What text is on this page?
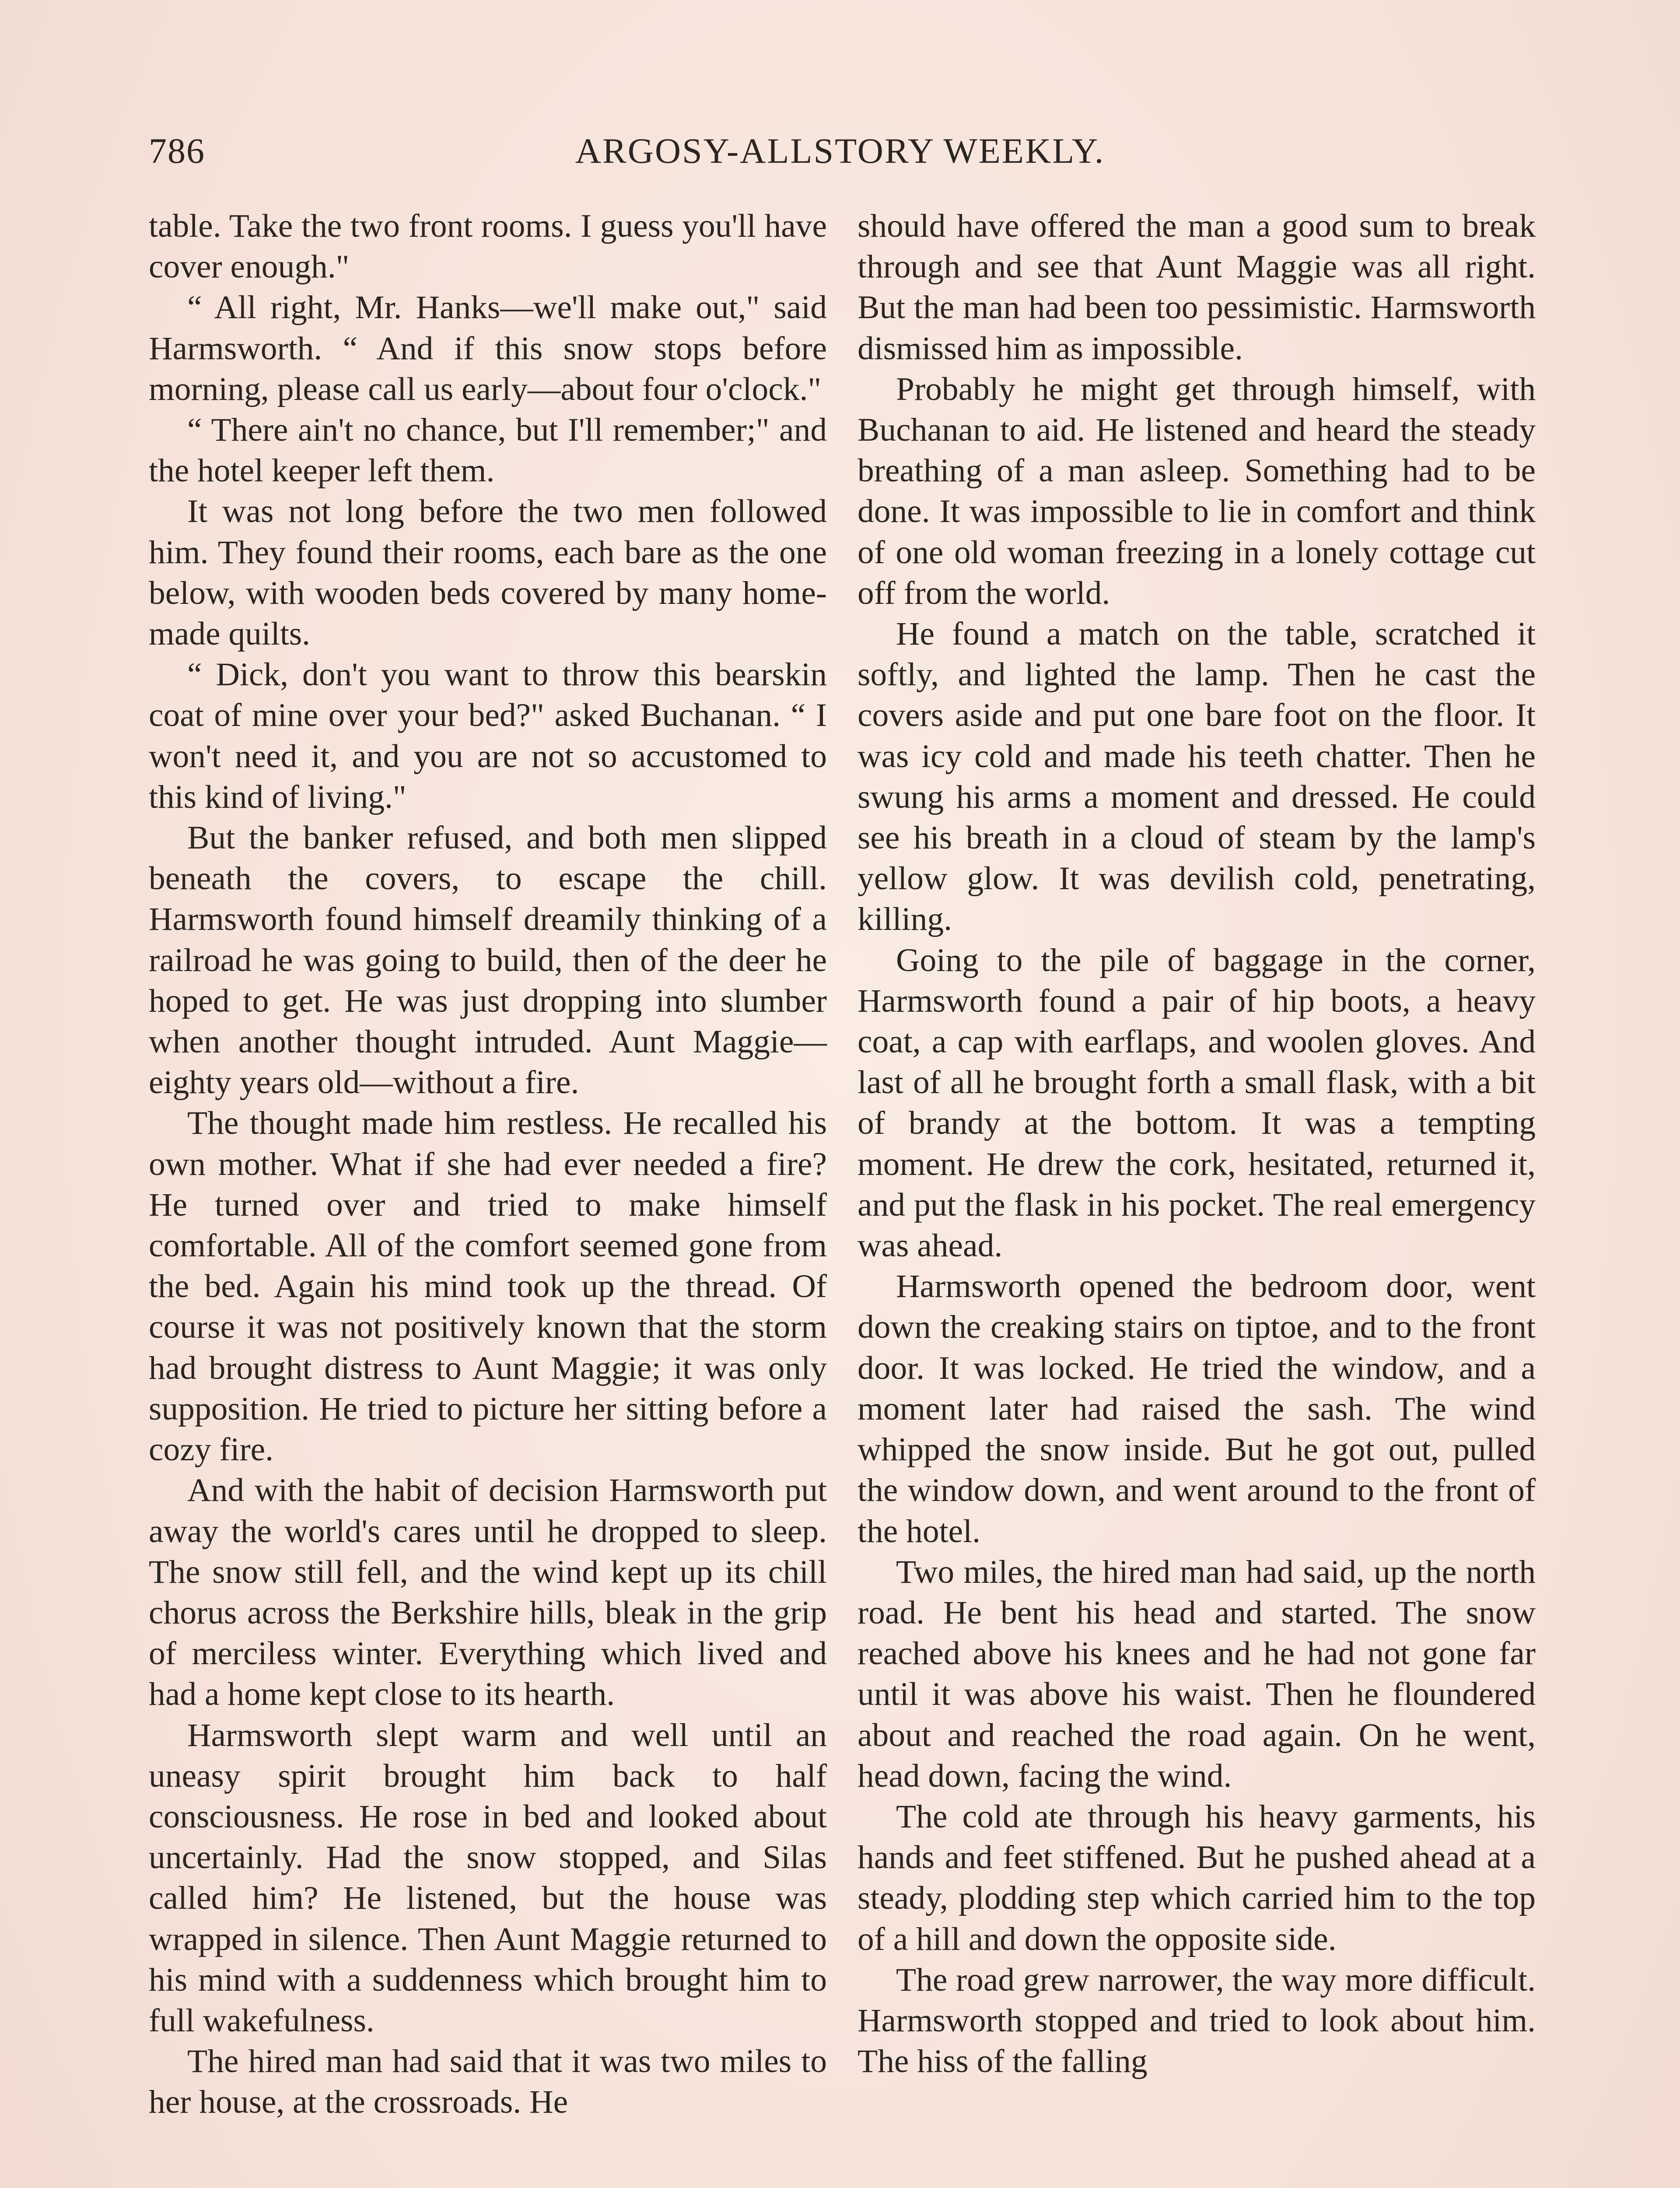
786	ARGOSY-ALLSTORY WEEKLY.

table. Take the two front rooms. I guess you'll have cover enough."

“ All right, Mr. Hanks—we'll make out," said Harmsworth. “ And if this snow stops before morning, please call us early—about four o'clock."

“ There ain't no chance, but I'll remember;" and the hotel keeper left them.

It was not long before the two men followed him. They found their rooms, each bare as the one below, with wooden beds covered by many home-made quilts.

“ Dick, don't you want to throw this bearskin coat of mine over your bed?" asked Buchanan. “ I won't need it, and you are not so accustomed to this kind of living."

But the banker refused, and both men slipped beneath the covers, to escape the chill. Harmsworth found himself dreamily thinking of a railroad he was going to build, then of the deer he hoped to get. He was just dropping into slumber when another thought intruded. Aunt Maggie—eighty years old—without a fire.

The thought made him restless. He recalled his own mother. What if she had ever needed a fire? He turned over and tried to make himself comfortable. All of the comfort seemed gone from the bed. Again his mind took up the thread. Of course it was not positively known that the storm had brought distress to Aunt Maggie; it was only supposition. He tried to picture her sitting before a cozy fire.

And with the habit of decision Harmsworth put away the world's cares until he dropped to sleep. The snow still fell, and the wind kept up its chill chorus across the Berkshire hills, bleak in the grip of merciless winter. Everything which lived and had a home kept close to its hearth.

Harmsworth slept warm and well until an uneasy spirit brought him back to half consciousness. He rose in bed and looked about uncertainly. Had the snow stopped, and Silas called him? He listened, but the house was wrapped in silence. Then Aunt Maggie returned to his mind with a suddenness which brought him to full wakefulness.

The hired man had said that it was two miles to her house, at the crossroads. He

should have offered the man a good sum to break through and see that Aunt Maggie was all right. But the man had been too pessimistic. Harmsworth dismissed him as impossible.

Probably he might get through himself, with Buchanan to aid. He listened and heard the steady breathing of a man asleep. Something had to be done. It was impossible to lie in comfort and think of one old woman freezing in a lonely cottage cut off from the world.

He found a match on the table, scratched it softly, and lighted the lamp. Then he cast the covers aside and put one bare foot on the floor. It was icy cold and made his teeth chatter. Then he swung his arms a moment and dressed. He could see his breath in a cloud of steam by the lamp's yellow glow. It was devilish cold, penetrating, killing.

Going to the pile of baggage in the corner, Harmsworth found a pair of hip boots, a heavy coat, a cap with earflaps, and woolen gloves. And last of all he brought forth a small flask, with a bit of brandy at the bottom. It was a tempting moment. He drew the cork, hesitated, returned it, and put the flask in his pocket. The real emergency was ahead.

Harmsworth opened the bedroom door, went down the creaking stairs on tiptoe, and to the front door. It was locked. He tried the window, and a moment later had raised the sash. The wind whipped the snow inside. But he got out, pulled the window down, and went around to the front of the hotel.

Two miles, the hired man had said, up the north road. He bent his head and started. The snow reached above his knees and he had not gone far until it was above his waist. Then he floundered about and reached the road again. On he went, head down, facing the wind.

The cold ate through his heavy garments, his hands and feet stiffened. But he pushed ahead at a steady, plodding step which carried him to the top of a hill and down the opposite side.

The road grew narrower, the way more difficult. Harmsworth stopped and tried to look about him. The hiss of the falling
